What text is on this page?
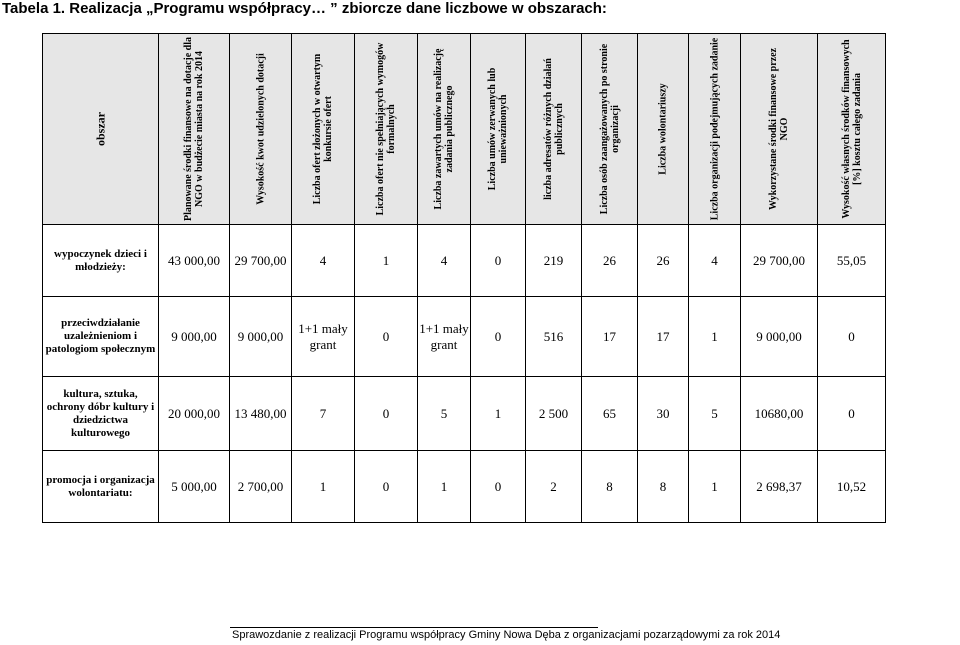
Tabela 1. Realizacja „Programu współpracy… ” zbiorcze dane liczbowe w obszarach:
obszar	Planowane środki finansowe na dotacje dla NGO w budżecie miasta na rok 2014	Wysokość kwot udzielonych dotacji	Liczba ofert złożonych w otwartym konkursie ofert	Liczba ofert nie spełniających wymogów formalnych	Liczba zawartych umów na realizację zadania publicznego	Liczba umów zerwanych lub unieważnionych	liczba adresatów różnych działań publicznych	Liczba osób zaangażowanych po stronie organizacji	Liczba wolontariuszy	Liczba organizacji podejmujących zadanie	Wykorzystane środki finansowe przez NGO	Wysokość własnych środków finansowych [%] kosztu całego zadania

wypoczynek dzieci i młodzieży:	43 000,00	29 700,00	4	1	4	0	219	26	26	4	29 700,00	55,05
przeciwdziałanie uzależnieniom i patologiom społecznym	9 000,00	9 000,00	1+1 mały grant	0	1+1 mały grant	0	516	17	17	1	9 000,00	0
kultura, sztuka, ochrony dóbr kultury i dziedzictwa kulturowego	20 000,00	13 480,00	7	0	5	1	2 500	65	30	5	10680,00	0
promocja i organizacja wolontariatu:	5 000,00	2 700,00	1	0	1	0	2	8	8	1	2 698,37	10,52
Sprawozdanie z realizacji Programu współpracy Gminy Nowa Dęba z organizacjami pozarządowymi za rok 2014
